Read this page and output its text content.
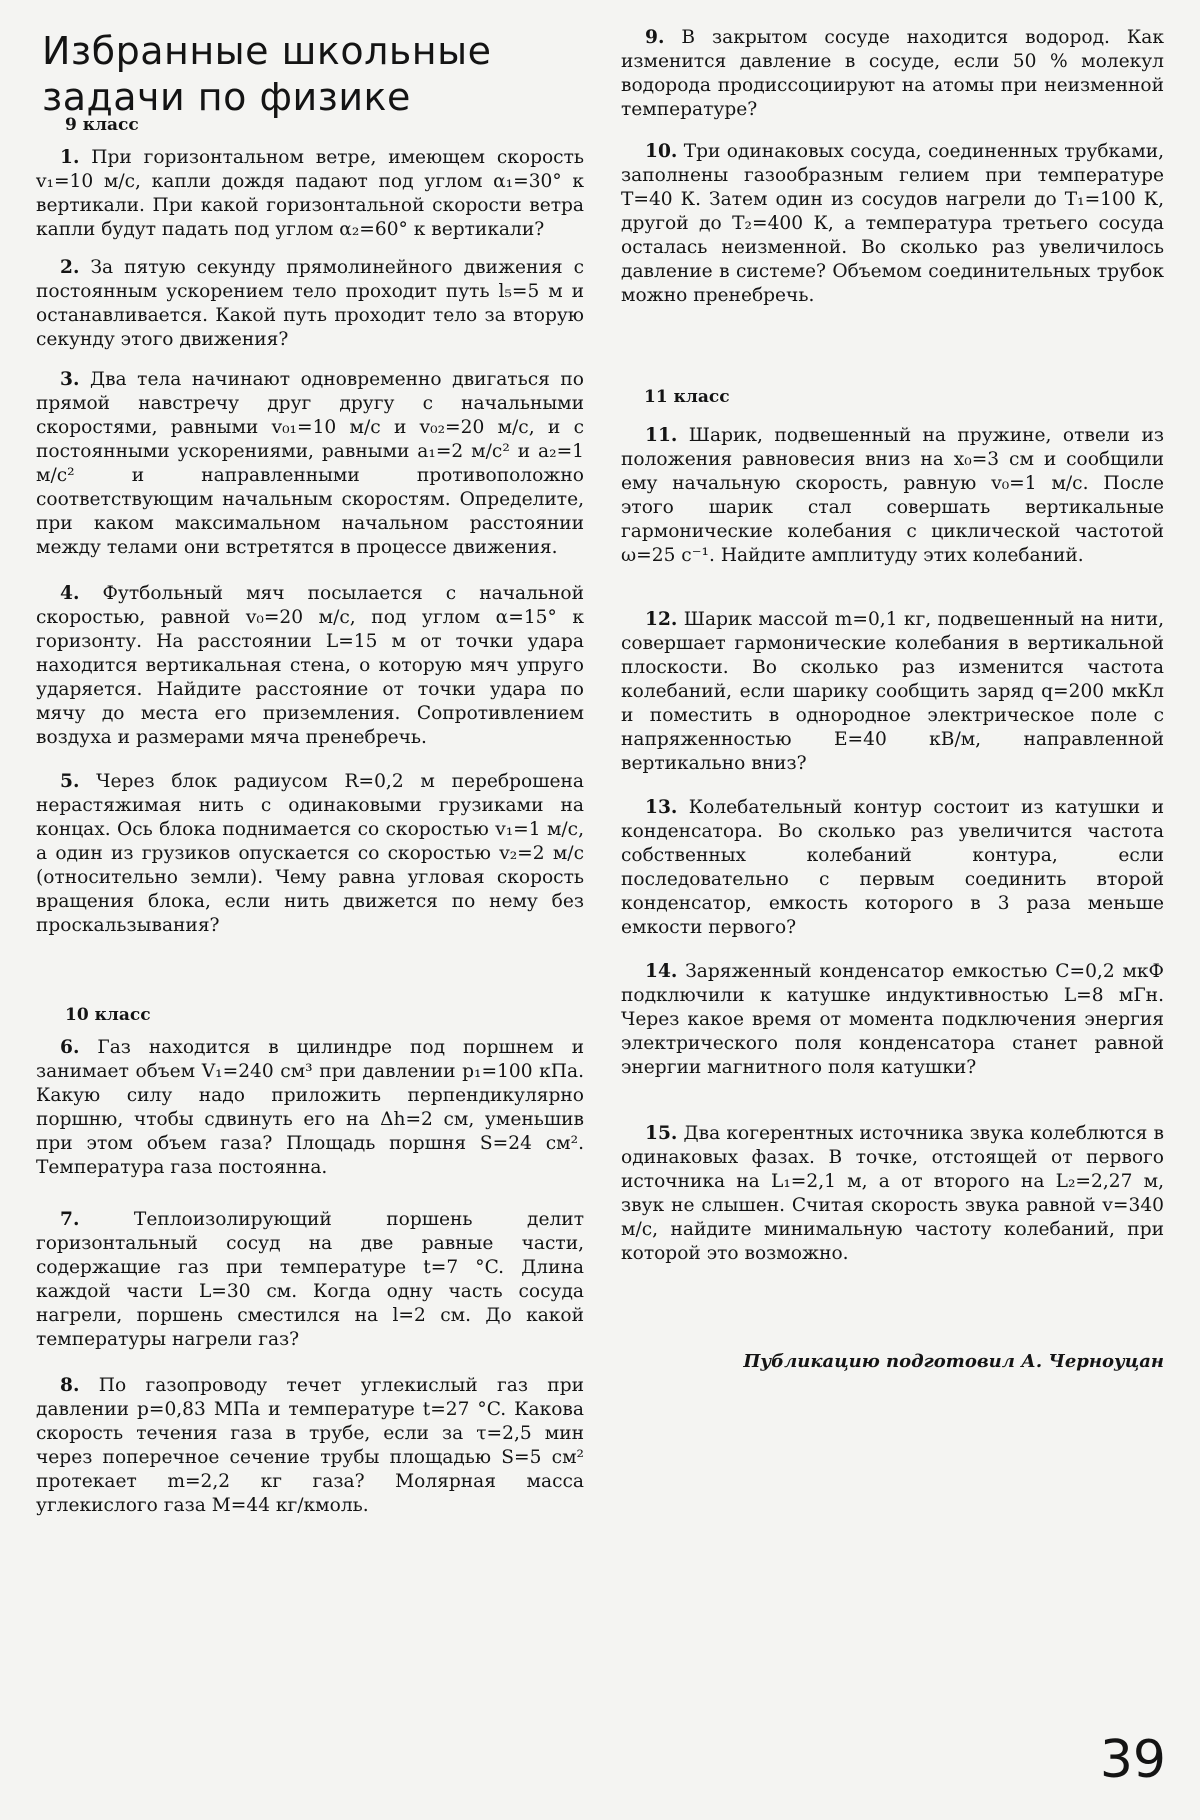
Избранные школьные задачи по физике
9 класс

1. При горизонтальном ветре, имеющем скорость v₁=10 м/с, капли дождя падают под углом α₁=30° к вертикали. При какой горизонтальной скорости ветра капли будут падать под углом α₂=60° к вертикали?

2. За пятую секунду прямолинейного движения с постоянным ускорением тело проходит путь l₅=5 м и останавливается. Какой путь проходит тело за вторую секунду этого движения?

3. Два тела начинают одновременно двигаться по прямой навстречу друг другу с начальными скоростями, равными v₀₁=10 м/с и v₀₂=20 м/с, и с постоянными ускорениями, равными a₁=2 м/с² и a₂=1 м/с² и направленными противоположно соответствующим начальным скоростям. Определите, при каком максимальном начальном расстоянии между телами они встретятся в процессе движения.

4. Футбольный мяч посылается с начальной скоростью, равной v₀=20 м/с, под углом α=15° к горизонту. На расстоянии L=15 м от точки удара находится вертикальная стена, о которую мяч упруго ударяется. Найдите расстояние от точки удара по мячу до места его приземления. Сопротивлением воздуха и размерами мяча пренебречь.

5. Через блок радиусом R=0,2 м переброшена нерастяжимая нить с одинаковыми грузиками на концах. Ось блока поднимается со скоростью v₁=1 м/с, а один из грузиков опускается со скоростью v₂=2 м/с (относительно земли). Чему равна угловая скорость вращения блока, если нить движется по нему без проскальзывания?

10 класс

6. Газ находится в цилиндре под поршнем и занимает объем V₁=240 см³ при давлении p₁=100 кПа. Какую силу надо приложить перпендикулярно поршню, чтобы сдвинуть его на Δh=2 см, уменьшив при этом объем газа? Площадь поршня S=24 см². Температура газа постоянна.

7.	Теплоизолирующий поршень делит горизонтальный сосуд на две равные части, содержащие газ при температуре t=7 °C. Длина каждой части L=30 см. Когда одну часть сосуда нагрели, поршень сместился на l=2 см. До какой температуры нагрели газ?

8. По газопроводу течет углекислый газ при давлении p=0,83 МПа и температуре t=27 °C. Какова скорость течения газа в трубе, если за τ=2,5 мин через поперечное сечение трубы площадью S=5 см² протекает m=2,2 кг газа? Молярная масса углекислого газа М=44 кг/кмоль.

9. В закрытом сосуде находится водород. Как изменится давление в сосуде, если 50 % молекул водорода продиссоциируют на атомы при неизменной температуре?

10. Три одинаковых сосуда, соединенных трубками, заполнены газообразным гелием при температуре T=40 К. Затем один из сосудов нагрели до T₁=100 К, другой до T₂=400 К, а температура третьего сосуда осталась неизменной. Во сколько раз увеличилось давление в системе? Объемом соединительных трубок можно пренебречь.

11 класс

11. Шарик, подвешенный на пружине, отвели из положения равновесия вниз на x₀=3 см и сообщили ему начальную скорость, равную v₀=1 м/с. После этого шарик стал совершать вертикальные гармонические колебания с циклической частотой ω=25 с⁻¹. Найдите амплитуду этих колебаний.

12. Шарик массой m=0,1 кг, подвешенный на нити, совершает гармонические колебания в вертикальной плоскости. Во сколько раз изменится частота колебаний, если шарику сообщить заряд q=200 мкКл и поместить в однородное электрическое поле с напряженностью E=40 кВ/м, направленной вертикально вниз?

13. Колебательный контур состоит из катушки и конденсатора. Во сколько раз увеличится частота собственных колебаний контура, если последовательно с первым соединить второй конденсатор, емкость которого в 3 раза меньше емкости первого?

14. Заряженный конденсатор емкостью C=0,2 мкФ подключили к катушке индуктивностью L=8 мГн. Через какое время от момента подключения энергия электрического поля конденсатора станет равной энергии магнитного поля катушки?

15. Два когерентных источника звука колеблются в одинаковых фазах. В точке, отстоящей от первого источника на L₁=2,1 м, а от второго на L₂=2,27 м, звук не слышен. Считая скорость звука равной v=340 м/с, найдите минимальную частоту колебаний, при которой это возможно.

Публикацию подготовил А. Черноуцан
39
